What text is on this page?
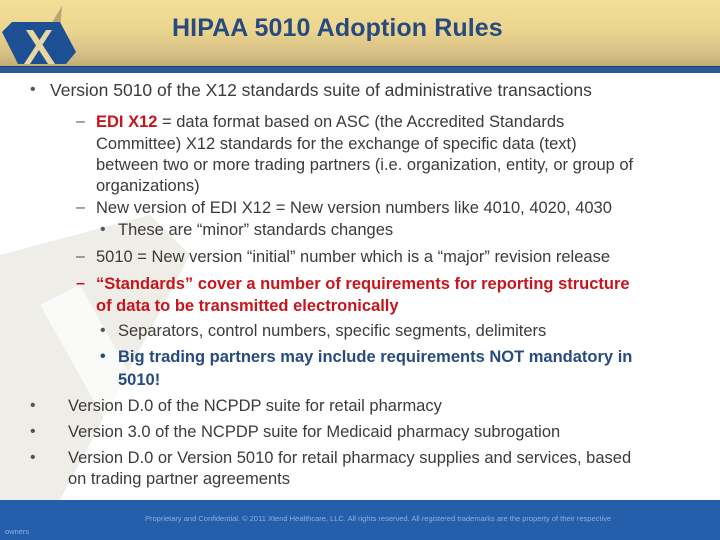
HIPAA 5010 Adoption Rules
• Version 5010 of the X12 standards suite of administrative transactions
– EDI X12 = data format based on ASC (the Accredited Standards
Committee) X12 standards for the exchange of specific data (text)
between two or more trading partners (i.e. organization, entity, or group of
organizations)
– New version of EDI X12 = New version numbers like 4010, 4020, 4030
• These are “minor” standards changes
– 5010 = New version “initial” number which is a “major” revision release
– “Standards” cover a number of requirements for reporting structure
of data to be transmitted electronically
• Separators, control numbers, specific segments, delimiters
• Big trading partners may include requirements NOT mandatory in
5010!
• Version D.0 of the NCPDP suite for retail pharmacy
• Version 3.0 of the NCPDP suite for Medicaid pharmacy subrogation
• Version D.0 or Version 5010 for retail pharmacy supplies and services, based
on trading partner agreements
Proprietary and Confidential. © 2011 Xtend Healthcare, LLC. All rights reserved. All registered trademarks are the property of their respective
owners
